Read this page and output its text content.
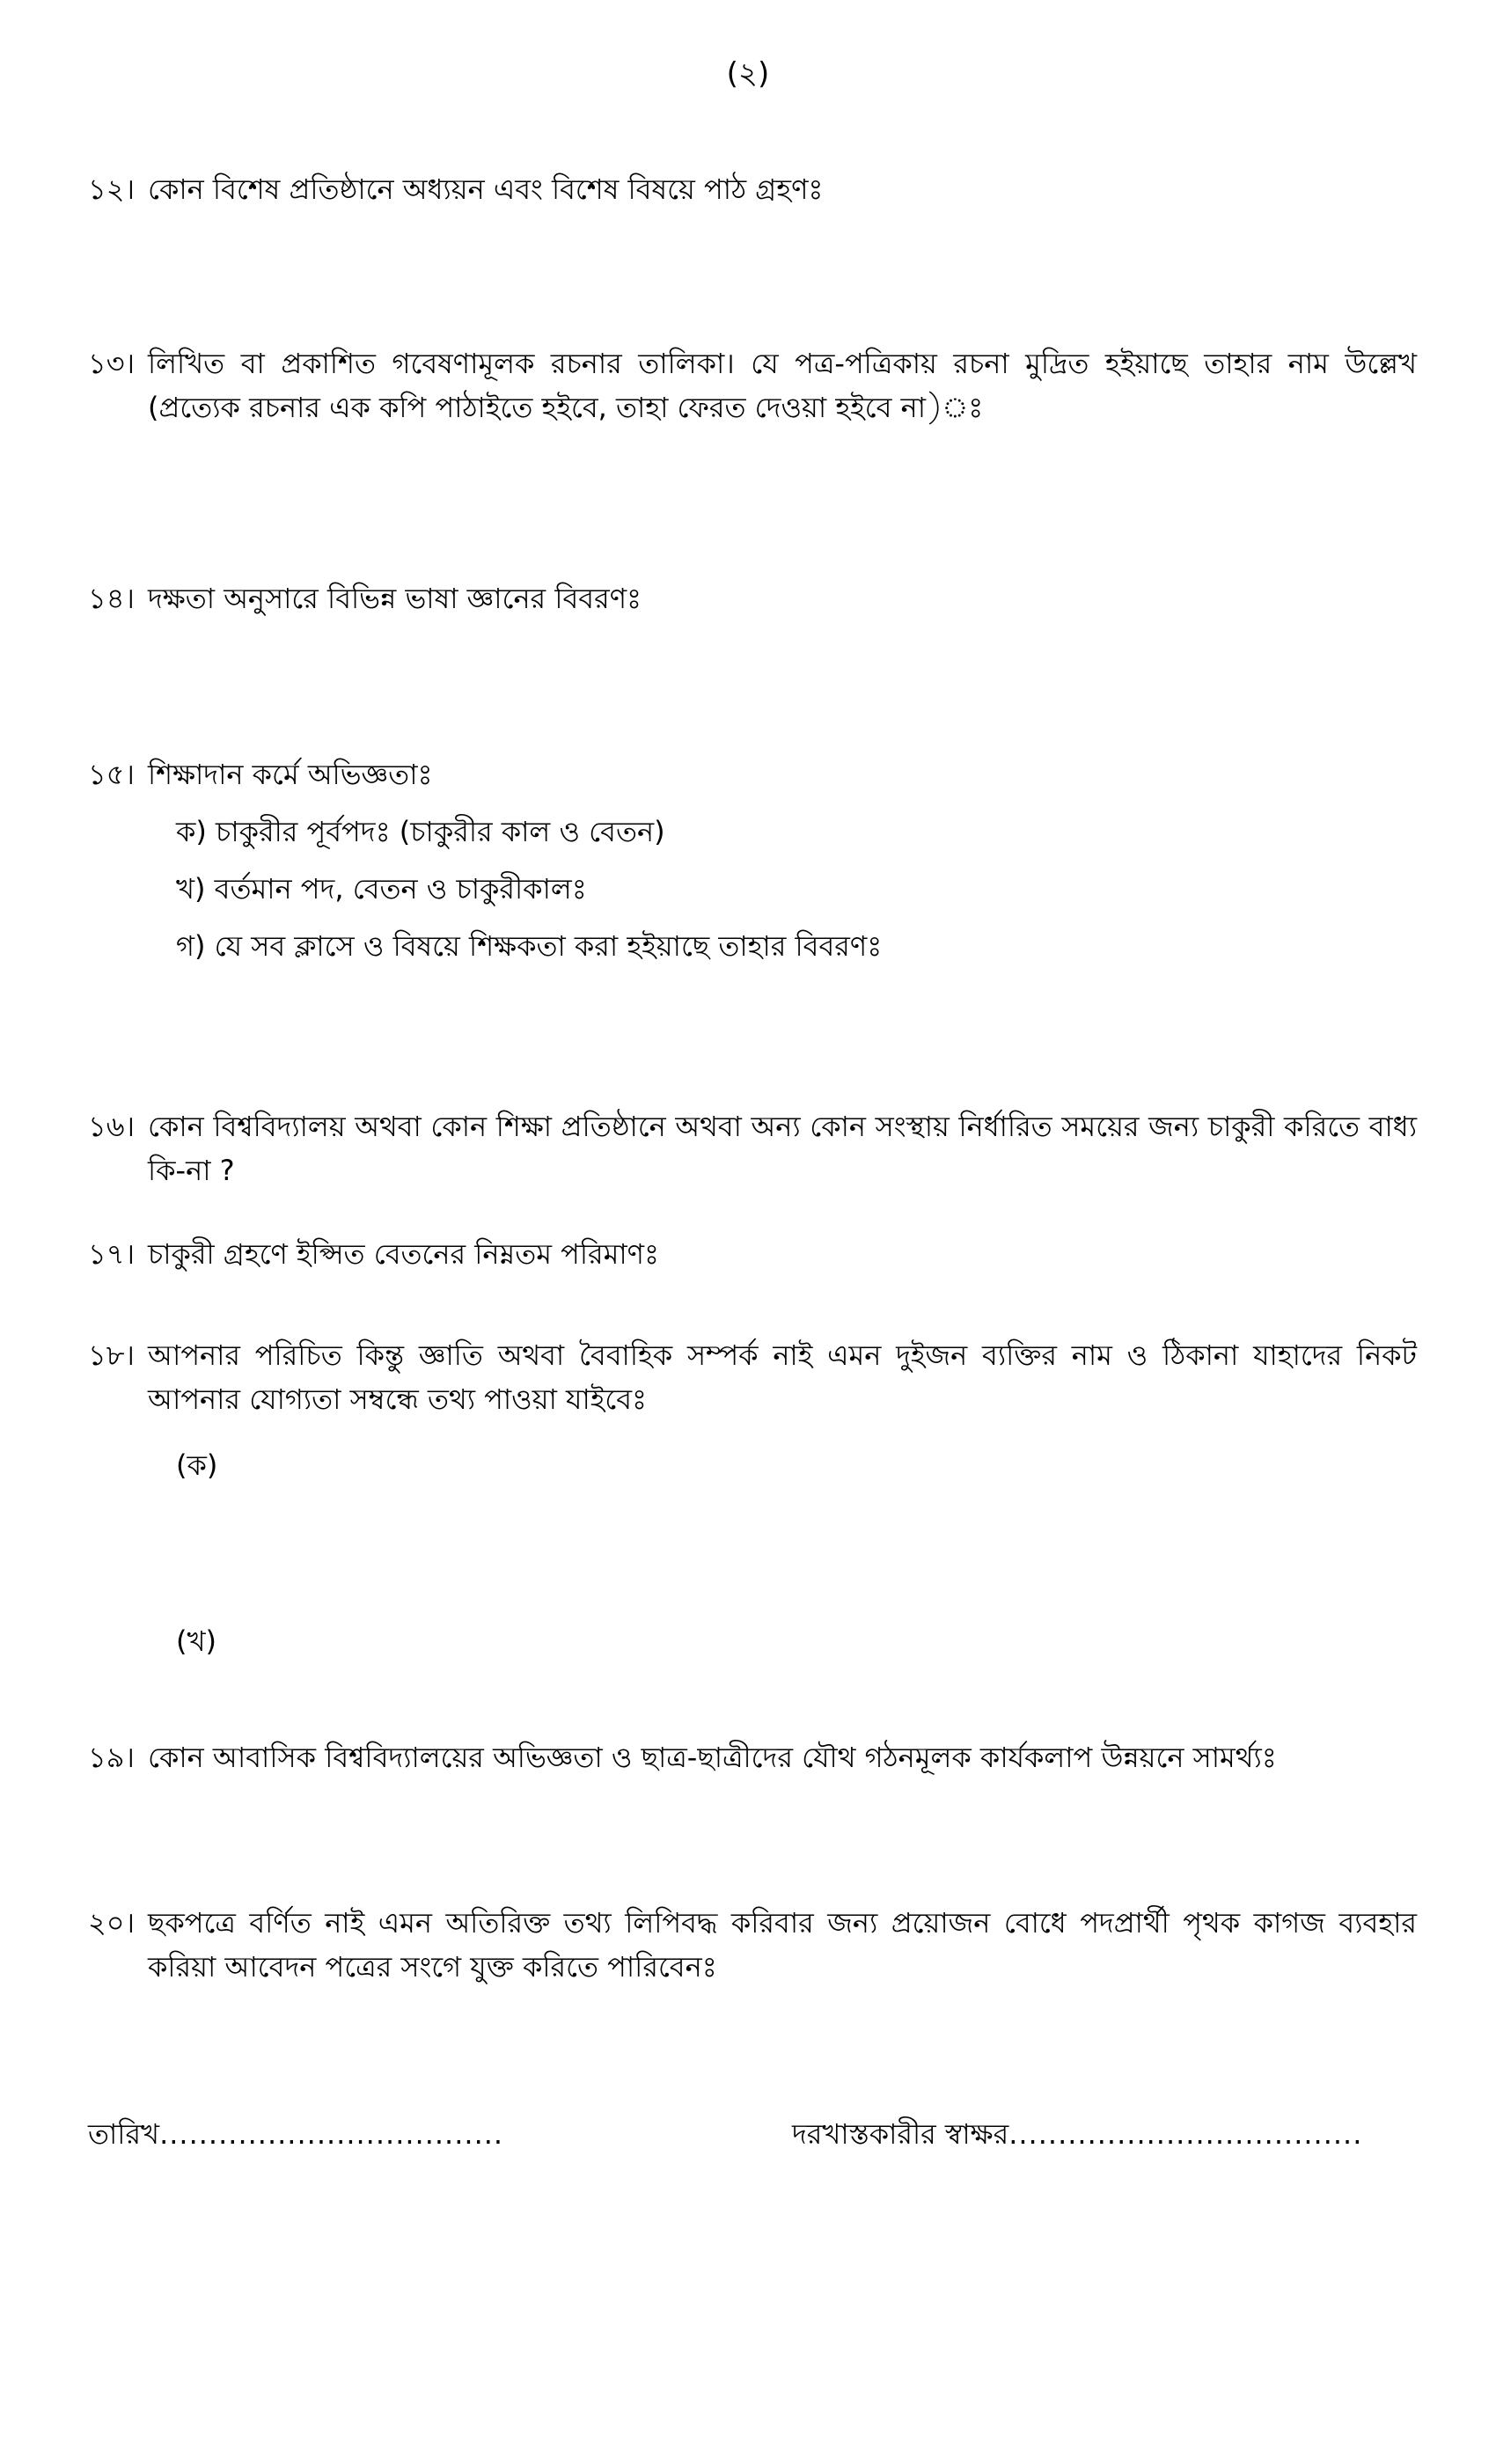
(২)
১২। কোন বিশেষ প্রতিষ্ঠানে অধ্যয়ন এবং বিশেষ বিষয়ে পাঠ গ্রহণঃ
১৩। লিখিত বা প্রকাশিত গবেষণামূলক রচনার তালিকা। যে পত্র-পত্রিকায় রচনা মুদ্রিত হইয়াছে তাহার নাম উল্লেখ (প্রত্যেক রচনার এক কপি পাঠাইতে হইবে, তাহা ফেরত দেওয়া হইবে না)ঃ
১৪। দক্ষতা অনুসারে বিভিন্ন ভাষা জ্ঞানের বিবরণঃ
১৫। শিক্ষাদান কর্মে অভিজ্ঞতাঃ
ক) চাকুরীর পূর্বপদঃ (চাকুরীর কাল ও বেতন)
খ) বর্তমান পদ, বেতন ও চাকুরীকালঃ
গ) যে সব ক্লাসে ও বিষয়ে শিক্ষকতা করা হইয়াছে তাহার বিবরণঃ
১৬। কোন বিশ্ববিদ্যালয় অথবা কোন শিক্ষা প্রতিষ্ঠানে অথবা অন্য কোন সংস্থায় নির্ধারিত সময়ের জন্য চাকুরী করিতে বাধ্য কি-না ?
১৭। চাকুরী গ্রহণে ইপ্সিত বেতনের নিম্নতম পরিমাণঃ
১৮। আপনার পরিচিত কিন্তু জ্ঞাতি অথবা বৈবাহিক সম্পর্ক নাই এমন দুইজন ব্যক্তির নাম ও ঠিকানা যাহাদের নিকট আপনার যোগ্যতা সম্বন্ধে তথ্য পাওয়া যাইবেঃ
(ক)
(খ)
১৯। কোন আবাসিক বিশ্ববিদ্যালয়ের অভিজ্ঞতা ও ছাত্র-ছাত্রীদের যৌথ গঠনমূলক কার্যকলাপ উন্নয়নে সামর্থ্যঃ
২০। ছকপত্রে বর্ণিত নাই এমন অতিরিক্ত তথ্য লিপিবদ্ধ করিবার জন্য প্রয়োজন বোধে পদপ্রার্থী পৃথক কাগজ ব্যবহার করিয়া আবেদন পত্রের সংগে যুক্ত করিতে পারিবেনঃ
তারিখ...................................	দরখাস্তকারীর স্বাক্ষর....................................
